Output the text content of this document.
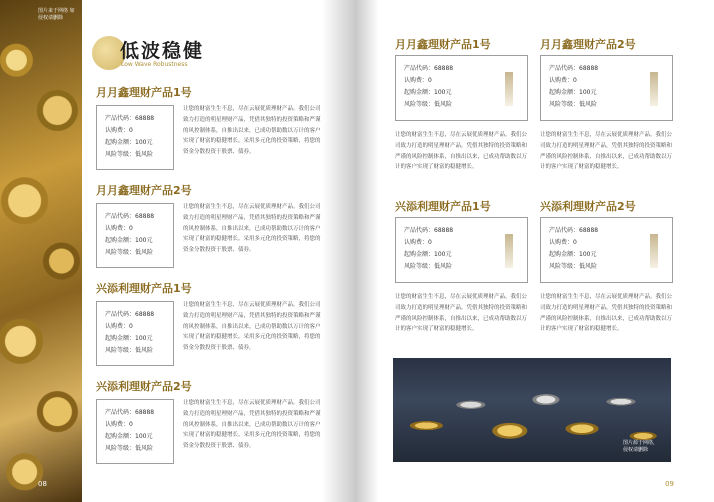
图片来于网络 如侵权请删除
08
低波稳健
Low Wave Robustness
月月鑫理财产品1号
产品代码：68888
认购费：0
起购金额：100元
风险等级：低风险
让您的财富生生不息，尽在云展优质理财产品。我们公司致力打造的明星理财产品，凭借其独特的投资策略和严谨的风控制体系，自推出以来，已成功帮助数以万计的客户实现了财富的稳健增长。采用多元化的投资策略，将您的资金分散投资于股票、债券。
月月鑫理财产品2号
产品代码：68888
认购费：0
起购金额：100元
风险等级：低风险
让您的财富生生不息，尽在云展优质理财产品。我们公司致力打造的明星理财产品，凭借其独特的投资策略和严谨的风控制体系，自推出以来，已成功帮助数以万计的客户实现了财富的稳健增长。采用多元化的投资策略，将您的资金分散投资于股票、债券。
兴添利理财产品1号
产品代码：68888
认购费：0
起购金额：100元
风险等级：低风险
让您的财富生生不息，尽在云展优质理财产品。我们公司致力打造的明星理财产品，凭借其独特的投资策略和严谨的风控制体系，自推出以来，已成功帮助数以万计的客户实现了财富的稳健增长。采用多元化的投资策略，将您的资金分散投资于股票、债券。
兴添利理财产品2号
产品代码：68888
认购费：0
起购金额：100元
风险等级：低风险
让您的财富生生不息，尽在云展优质理财产品。我们公司致力打造的明星理财产品，凭借其独特的投资策略和严谨的风控制体系，自推出以来，已成功帮助数以万计的客户实现了财富的稳健增长。采用多元化的投资策略，将您的资金分散投资于股票、债券。
月月鑫理财产品1号
产品代码：68888
认购费：0
起购金额：100元
风险等级：低风险
让您的财富生生不息，尽在云展优质理财产品。我们公司致力打造的明星理财产品，凭借其独特的投资策略和严谨的风险控制体系，自推出以来，已成功帮助数以万计的客户实现了财富的稳健增长。
月月鑫理财产品2号
产品代码：68888
认购费：0
起购金额：100元
风险等级：低风险
让您的财富生生不息，尽在云展优质理财产品。我们公司致力打造的明星理财产品，凭借其独特的投资策略和严谨的风险控制体系，自推出以来，已成功帮助数以万计的客户实现了财富的稳健增长。
兴添利理财产品1号
产品代码：68888
认购费：0
起购金额：100元
风险等级：低风险
让您的财富生生不息，尽在云展优质理财产品。我们公司致力打造的明星理财产品，凭借其独特的投资策略和严谨的风险控制体系，自推出以来，已成功帮助数以万计的客户实现了财富的稳健增长。
兴添利理财产品2号
产品代码：68888
认购费：0
起购金额：100元
风险等级：低风险
让您的财富生生不息，尽在云展优质理财产品。我们公司致力打造的明星理财产品，凭借其独特的投资策略和严谨的风险控制体系，自推出以来，已成功帮助数以万计的客户实现了财富的稳健增长。
图片源于网络， 侵权请删除
09
